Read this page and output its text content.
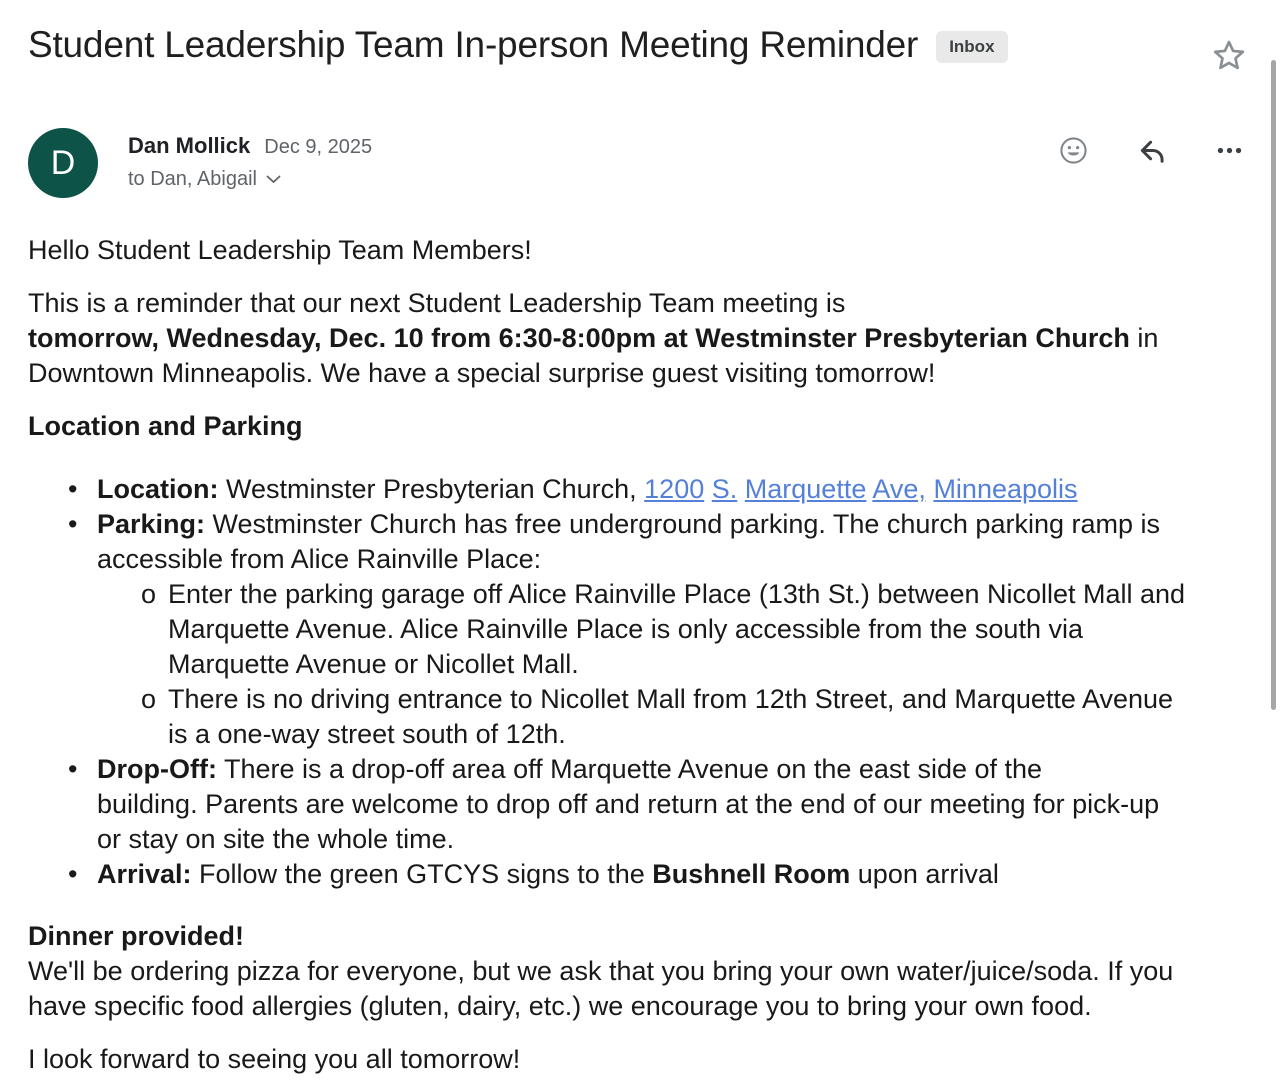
Student Leadership Team In-person Meeting Reminder	Inbox
D	Dan Mollick Dec 9, 2025
to Dan, Abigail

Hello Student Leadership Team Members!

This is a reminder that our next Student Leadership Team meeting is
tomorrow, Wednesday, Dec. 10 from 6:30-8:00pm at Westminster Presbyterian Church in
Downtown Minneapolis. We have a special surprise guest visiting tomorrow!

Location and Parking

• Location: Westminster Presbyterian Church, 1200 S. Marquette Ave, Minneapolis
• Parking: Westminster Church has free underground parking. The church parking ramp is
accessible from Alice Rainville Place:
o Enter the parking garage off Alice Rainville Place (13th St.) between Nicollet Mall and
Marquette Avenue. Alice Rainville Place is only accessible from the south via
Marquette Avenue or Nicollet Mall.
o There is no driving entrance to Nicollet Mall from 12th Street, and Marquette Avenue
is a one-way street south of 12th.
• Drop-Off: There is a drop-off area off Marquette Avenue on the east side of the
building. Parents are welcome to drop off and return at the end of our meeting for pick-up
or stay on site the whole time.
• Arrival: Follow the green GTCYS signs to the Bushnell Room upon arrival
Dinner provided!
We'll be ordering pizza for everyone, but we ask that you bring your own water/juice/soda. If you
have specific food allergies (gluten, dairy, etc.) we encourage you to bring your own food.

I look forward to seeing you all tomorrow!
